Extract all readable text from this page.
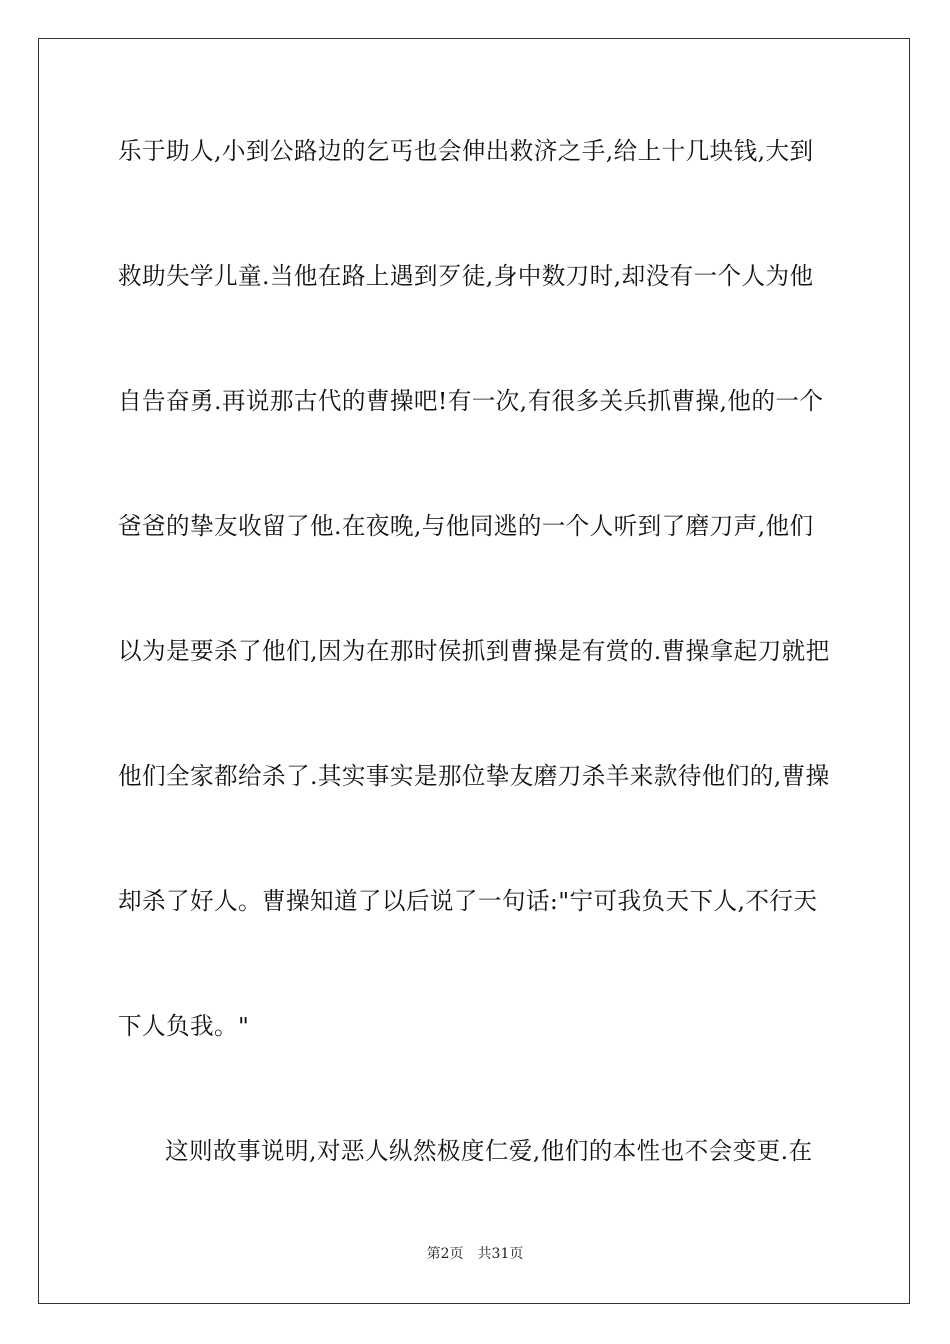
乐于助人,小到公路边的乞丐也会伸出救济之手,给上十几块钱,大到
救助失学儿童.当他在路上遇到歹徒,身中数刀时,却没有一个人为他
自告奋勇.再说那古代的曹操吧!有一次,有很多关兵抓曹操,他的一个
爸爸的挚友收留了他.在夜晚,与他同逃的一个人听到了磨刀声,他们
以为是要杀了他们,因为在那时侯抓到曹操是有赏的.曹操拿起刀就把
他们全家都给杀了.其实事实是那位挚友磨刀杀羊来款待他们的,曹操
却杀了好人。曹操知道了以后说了一句话:"宁可我负天下人,不行天
下人负我。"
这则故事说明,对恶人纵然极度仁爱,他们的本性也不会变更.在
第2页 共31页
